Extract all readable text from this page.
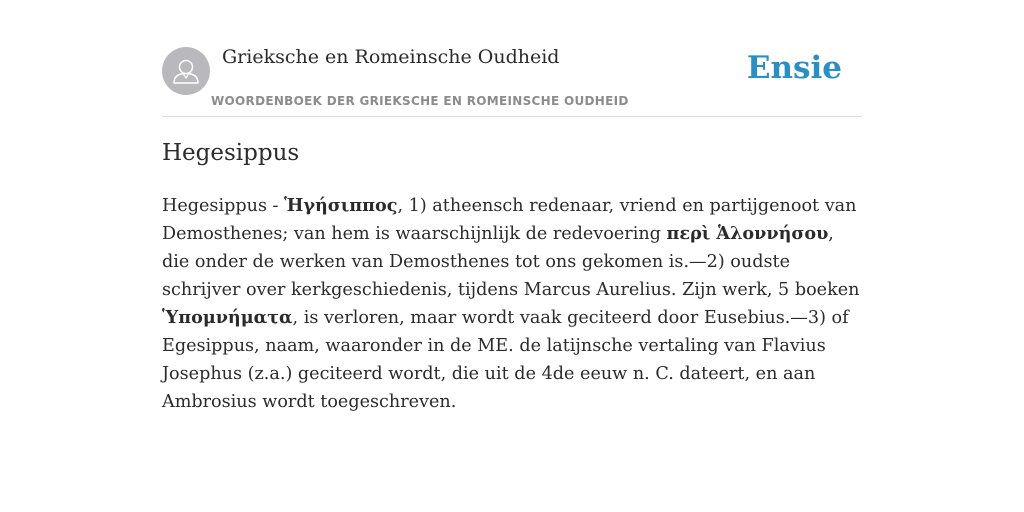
Grieksche en Romeinsche Oudheid
WOORDENBOEK DER GRIEKSCHE EN ROMEINSCHE OUDHEID
Ensie
Hegesippus

Hegesippus - Ἡγήσιππος, 1) atheensch redenaar, vriend en partijgenoot van Demosthenes; van hem is waarschijnlijk de redevoering περὶ Ἁλοννήσου, die onder de werken van Demosthenes tot ons gekomen is.—2) oudste schrijver over kerkgeschiedenis, tijdens Marcus Aurelius. Zijn werk, 5 boeken Ὑπομνήματα, is verloren, maar wordt vaak geciteerd door Eusebius.—3) of Egesippus, naam, waaronder in de ME. de latijnsche vertaling van Flavius Josephus (z.a.) geciteerd wordt, die uit de 4de eeuw n. C. dateert, en aan Ambrosius wordt toegeschreven.
